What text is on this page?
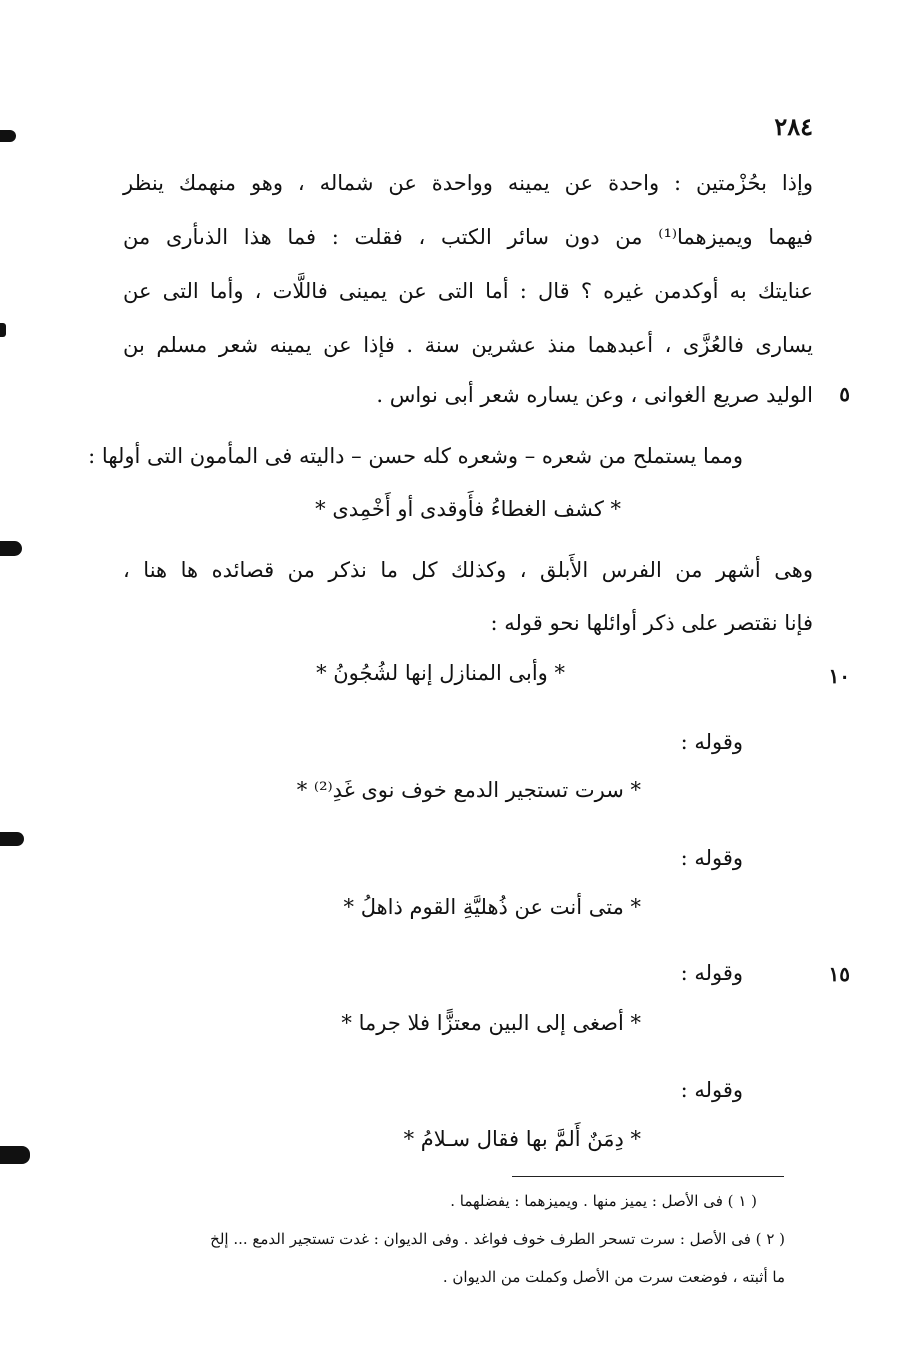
٢٨٤
وإذا بحُزْمتين : واحدة عن يمينه وواحدة عن شماله ، وهو منهمك ينظر
فيهما ويميزهما⁽¹⁾ من دون سائر الكتب ، فقلت : فما هذا الذىأرى من
عنايتك به أوكدمن غيره ؟ قال : أما التى عن يمينى فاللَّات ، وأما التى عن
يسارى فالعُزَّى ، أعبدهما منذ عشرين سنة . فإذا عن يمينه شعر مسلم بن
الوليد صريع الغوانى ، وعن يساره شعر أبى نواس .	٥
ومما يستملح من شعره – وشعره كله حسن – داليته فى المأمون التى أولها :
* كشف الغطاءُ فأَوقدى أو أَخْمِدى *
وهى أشهر من الفرس الأَبلق ، وكذلك كل ما نذكر من قصائده ها هنا ،
فإنا نقتصر على ذكر أوائلها نحو قوله :
* وأبى المنازل إنها لشُجُونُ *	١٠
وقوله :
* سرت تستجير الدمع خوف نوى غَدِ⁽²⁾ *
وقوله :
* متى أنت عن ذُهليَّةِ القوم ذاهلُ *
وقوله :	١٥
* أصغى إلى البين معتزًّا فلا جرما *
وقوله :
* دِمَنٌ أَلمَّ بها فقال سـلامُ *
( ١ ) فى الأصل : يميز منها . ويميزهما : يفضلهما .
( ٢ ) فى الأصل : سرت تسحر الطرف خوف فواغد . وفى الديوان : غدت تستجير الدمع ... إلخ
ما أثبته ، فوضعت سرت من الأصل وكملت من الديوان .
